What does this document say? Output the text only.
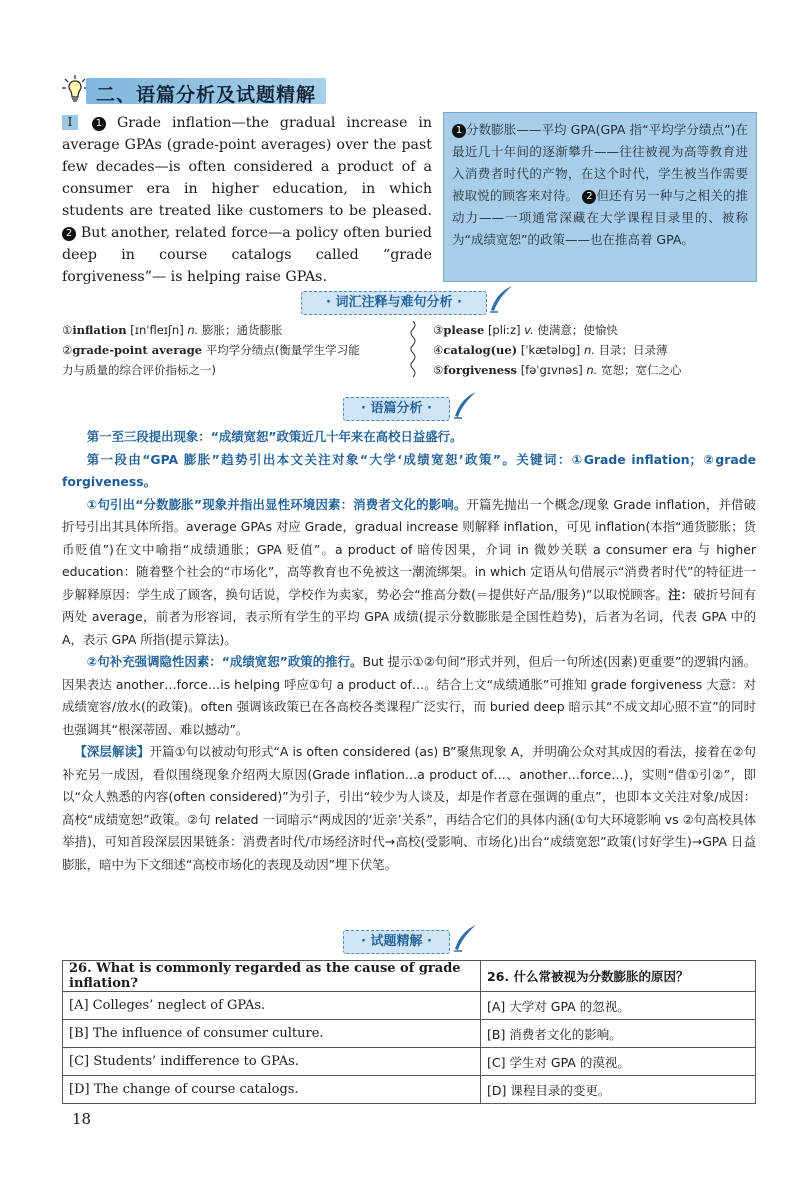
二、语篇分析及试题精解
Ⅰ 1 Grade inflation—the gradual increase in average GPAs (grade-point averages) over the past few decades—is often considered a product of a consumer era in higher education, in which students are treated like customers to be pleased. 2 But another, related force—a policy often buried deep in course catalogs called “grade forgiveness”— is helping raise GPAs.
1 分数膨胀——平均 GPA(GPA 指“平均学分绩点”)在最近几十年间的逐渐攀升——往往被视为高等教育进入消费者时代的产物，在这个时代，学生被当作需要被取悦的顾客来对待。 2 但还有另一种与之相关的推动力——一项通常深藏在大学课程目录里的、被称为“成绩宽恕”的政策——也在推高着 GPA。
· 词汇注释与难句分析 ·
①inflation [ɪnˈfleɪʃn] n. 膨胀；通货膨胀
②grade-point average 平均学分绩点(衡量学生学习能
力与质量的综合评价指标之一)
③please [pliːz] v. 使满意；使愉快
④catalog(ue) [ˈkætəlɒg] n. 目录；日录薄
⑤forgiveness [fəˈgɪvnəs] n. 宽恕；宽仁之心
· 语篇分析 ·
第一至三段提出现象：“成绩宽恕”政策近几十年来在高校日益盛行。
第一段由“GPA 膨胀”趋势引出本文关注对象“大学‘成绩宽恕’政策”。关键词：①Grade inflation；②grade forgiveness。
①句引出“分数膨胀”现象并指出显性环境因素：消费者文化的影响。开篇先抛出一个概念/现象 Grade inflation，并借破折号引出其具体所指。average GPAs 对应 Grade，gradual increase 则解释 inflation，可见 inflation(本指“通货膨胀；货币贬值”)在文中喻指“成绩通胀；GPA 贬值”。a product of 暗传因果，介词 in 微妙关联 a consumer era 与 higher education：随着整个社会的“市场化”，高等教育也不免被这一潮流绑架。in which 定语从句借展示“消费者时代”的特征进一步解释原因：学生成了顾客，换句话说，学校作为卖家，势必会“推高分数(＝提供好产品/服务)”以取悦顾客。注：破折号间有两处 average，前者为形容词，表示所有学生的平均 GPA 成绩(提示分数膨胀是全国性趋势)，后者为名词，代表 GPA 中的 A，表示 GPA 所指(提示算法)。
②句补充强调隐性因素：“成绩宽恕”政策的推行。But 提示①②句间“形式并列，但后一句所述(因素)更重要”的逻辑内涵。因果表达 another…force…is helping 呼应①句 a product of…。结合上文“成绩通胀”可推知 grade forgiveness 大意：对成绩宽容/放水(的政策)。often 强调该政策已在各高校各类课程广泛实行，而 buried deep 暗示其“不成文却心照不宣”的同时也强调其“根深蒂固、难以撼动”。
【深层解读】开篇①句以被动句形式“A is often considered (as) B”聚焦现象 A，并明确公众对其成因的看法，接着在②句补充另一成因，看似围绕现象介绍两大原因(Grade inflation…a product of…、another…force…)，实则“借①引②”，即以“众人熟悉的内容(often considered)”为引子，引出“较少为人谈及，却是作者意在强调的重点”，也即本文关注对象/成因：高校“成绩宽恕”政策。②句 related 一词暗示“两成因的‘近亲’关系”，再结合它们的具体内涵(①句大环境影响 vs ②句高校具体举措)，可知首段深层因果链条：消费者时代/市场经济时代→高校(受影响、市场化)出台“成绩宽恕”政策(讨好学生)→GPA 日益膨胀，暗中为下文细述“高校市场化的表现及动因”埋下伏笔。
· 试题精解 ·
26. What is commonly regarded as the cause of grade inflation?	26. 什么常被视为分数膨胀的原因？
[A] Colleges’ neglect of GPAs.	[A] 大学对 GPA 的忽视。
[B] The influence of consumer culture.	[B] 消费者文化的影响。
[C] Students’ indifference to GPAs.	[C] 学生对 GPA 的漠视。
[D] The change of course catalogs.	[D] 课程目录的变更。
18
